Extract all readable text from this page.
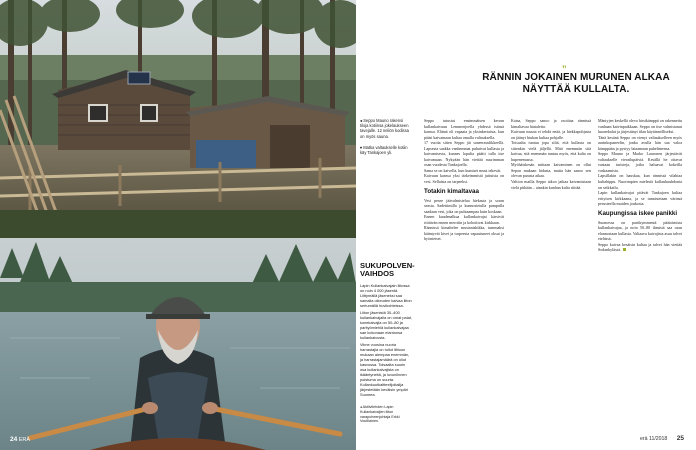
◂ Seppo Mauno rakensi tiloja kotiinsa jokelaukseen tavejalle. 12 neliön kodissa on myös sauna.

▾ Matka valtaukselle kotiin käy Tankajoen yli.

SUKUPOLVEN-VAIHDOS

Lapin Kullankaivajain liitossa on noin 4 000 jäsentä. Liittymällä jäseneksi saa samalla oikeuden kaivaa liiton sertumällä huvikohteissa.

Liiton jäsenistä 30–400 kullankaivajalla on omat paiat, konekaivajia on 50–80 ja parityömiehiä kullankaivajaa sae kokonaan elantonsa kullankaivusta.

Viime vuosina nuoria harrastajia on tullut liittoon mukaan alempaa enemmän, ja harrastajamäärä on ollut kasvussa. Toisaalta suurin osa kullankaivajista on ikääntyneitä, ja luvunlinnen poistuma on suurta. Kullankuutkaitteelijoitailja järjestetään keväisin ympäri Suomea.

◂ Aktiivilehden Lapin Kullankaivajien liiton varapuheenjohtaja Erkki Voutilainen.
”
RÄNNIN JOKAINEN MURUNEN ALKAA NÄYTTÄÄ KULLALTA.

Seppo tutustui ensimmäisen kerran kullankaivuun Lemmenjoella yhdessä isänsä kanssa. Elämä oli vapaata ja yksinkertaista, kun pääsi kaivamaan kultaa omalla valtauksella.

17 vuotta sitten Seppo jäi saneerauslikkeellä. Lapsesta saakka vanhemmat puhuivat kullasta ja kaivamisesta, kunnes lopulta päätti tulla itse kaivamaan. Nykyään hän viettää suurimman osan vuodesta Tankajoella.

Sama se on kaivella, kun kumiset muut tekevät.

Kaivuun kanssa yksi tärkeimmistä juttuista on vesi. Sellaista on tarpeeksi.

Totakin kimaltavaa

Vesi pesee jäävalmistelua hiekasta ja soran seasta. Sadettimilla ja kunnostetulla pumpulla saadaan vesi, joka on puhtaampaa kuin koskaan.

Ennen kaudenalkua kullankaivajat kärsivät riittävän ennen merrtiin ja kohottivat kirkkaan.

Rännissä kimaltelee mustaniskikka, tummaksi kääntyvät kivet ja turpeesta vapautuneet oksat ja hyönteiset.

Katsa, Seppo sanoo ja osoittaa rännissä kimaltavaa hiutaletta.

Kaivuun muuta ei tehdä enää, ja hiekkapohjasta on jäänyt hiukan kultaa pohjalle.

Toisaalta tuntuu jopa siltä, että kullasta on sittenkin vielä jäljellä. Mitä enemmän sitä kaivaa, sitä enemmän tuntuu myös, että kulta on hupenemassa.

Myöhäiskesän mittaan kaivaminen on ollut Sepon mukaan hidasta, mutta hän sanoo sen olevan parasta aikaa.

Valtion mailla Seppo aikoo jatkaa kaivamistaan vielä pitkään – ainakin kunhan kulta riittää.

Mäntyjen keskellä oleva hirsikämppä on rakennettu vanhaan kaivinpaikkaan. Seppo on itse valmistanut huonekalut ja järjestänyt tilan käytännölliseksi.

Tänä kesänä Seppo on vienyt valtaukselleen myös aurinkopaneelin, jonka avulla hän saa valoa kämppään ja pystyy lataamaan puhelimensa.

Seppo Mauno ja Marko Lauronen järjestävät valtaukselle vierailupäiviä. Kesällä he ottavat vastaan turisteja, jotka haluavat kokeilla vaskaamista.

Lapsillakin on hauskaa, kun rännissä vilahtaa kultahippu. Nuorimpien mielestä kullanhuuhdonta on seikkailu.

Lapin kullankaivajat pitävät Tankajoen kultaa erityisen kirkkaana, ja se tunnistetaan värinsä perusteella muiden joukosta.

Kaupungissa iskee panikki

Suomessa on paritkymmentä päätoimista kullankaivajaa, ja noin 50–80 ihmistä saa osan elannostaan kullasta. Valtaava kaivajista asuu talvet etelässä.

Seppo kaivaa kesäisin kultaa ja talvet hän viettää Sodankylässä.

24 ERÄ	erä 11/2018 25
